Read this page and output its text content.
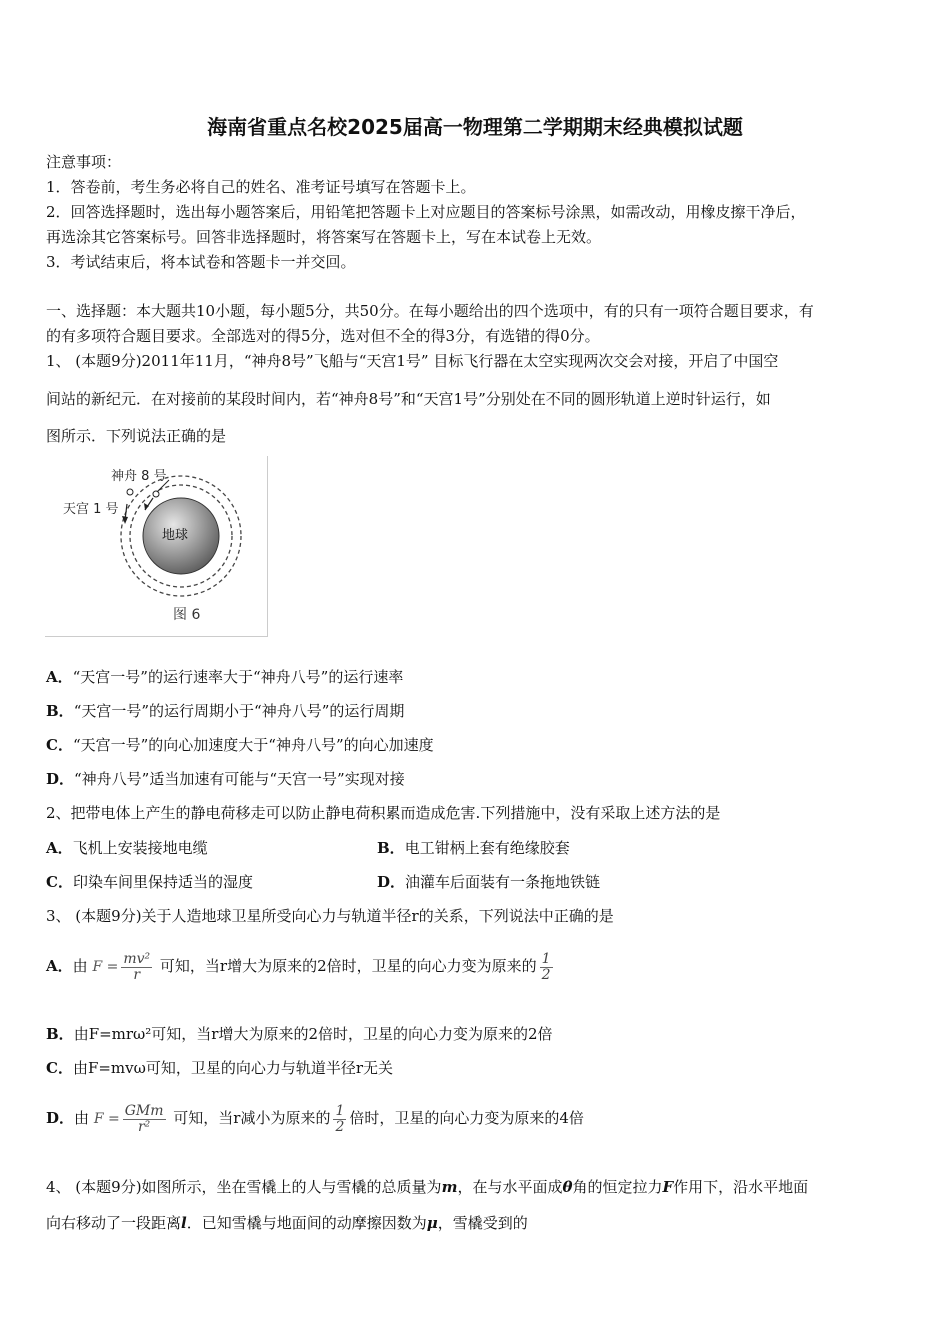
海南省重点名校2025届高一物理第二学期期末经典模拟试题
注意事项：
1．答卷前，考生务必将自己的姓名、准考证号填写在答题卡上。
2．回答选择题时，选出每小题答案后，用铅笔把答题卡上对应题目的答案标号涂黑，如需改动，用橡皮擦干净后，
再选涂其它答案标号。回答非选择题时，将答案写在答题卡上，写在本试卷上无效。
3．考试结束后，将本试卷和答题卡一并交回。
一、选择题：本大题共10小题，每小题5分，共50分。在每小题给出的四个选项中，有的只有一项符合题目要求，有
的有多项符合题目要求。全部选对的得5分，选对但不全的得3分，有选错的得0分。
1、 (本题9分)2011年11月，“神舟8号”飞船与“天宫1号” 目标飞行器在太空实现两次交会对接，开启了中国空
间站的新纪元．在对接前的某段时间内，若“神舟8号”和“天宫1号”分别处在不同的圆形轨道上逆时针运行，如
图所示．下列说法正确的是
地球
神舟 8 号
天宫 1 号
图 6
A．“天宫一号”的运行速率大于“神舟八号”的运行速率
B．“天宫一号”的运行周期小于“神舟八号”的运行周期
C．“天宫一号”的向心加速度大于“神舟八号”的向心加速度
D．“神舟八号”适当加速有可能与“天宫一号”实现对接
2、把带电体上产生的静电荷移走可以防止静电荷积累而造成危害.下列措施中，没有采取上述方法的是
A．飞机上安装接地电缆	B．电工钳柄上套有绝缘胶套
C．印染车间里保持适当的湿度	D．油灌车后面装有一条拖地铁链
3、 (本题9分)关于人造地球卫星所受向心力与轨道半径r的关系，下列说法中正确的是
A．由 $F = \frac{\text{mv²}}{r}$ 可知，当r增大为原来的2倍时，卫星的向心力变为原来的 $\frac{1}{2}$
B．由F=mrω²可知，当r增大为原来的2倍时，卫星的向心力变为原来的2倍
C．由F=mvω可知，卫星的向心力与轨道半径r无关
D．由 $F = \frac{\text{GMm}}{\text{r²}}$ 可知，当r减小为原来的 $\frac{1}{2}$ 倍时，卫星的向心力变为原来的4倍
4、 (本题9分)如图所示，坐在雪橇上的人与雪橇的总质量为m，在与水平面成θ角的恒定拉力F作用下，沿水平地面
向右移动了一段距离l．已知雪橇与地面间的动摩擦因数为μ，雪橇受到的
